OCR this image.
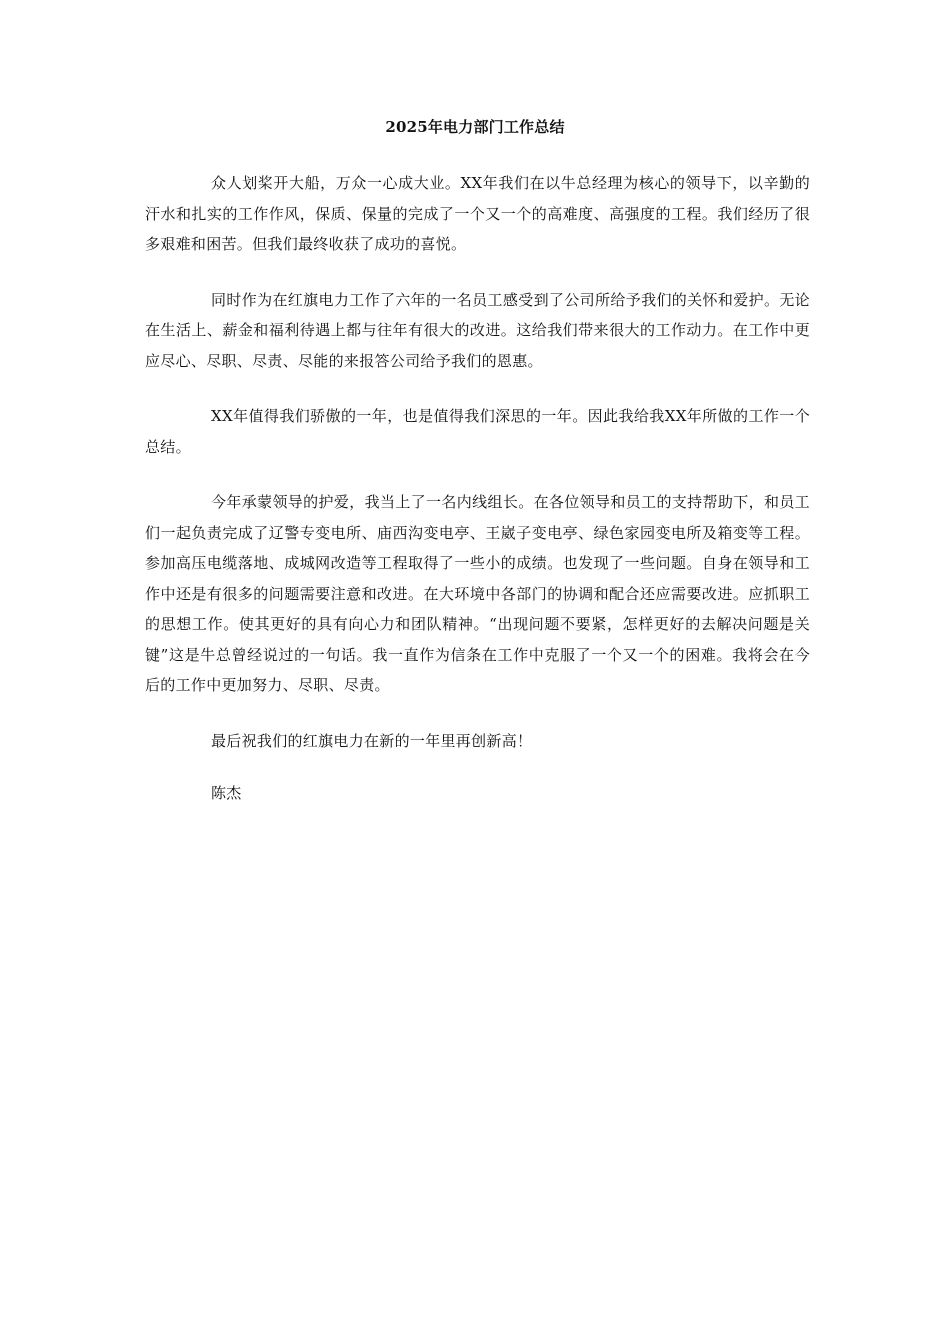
2025年电力部门工作总结

众人划桨开大船，万众一心成大业。XX年我们在以牛总经理为核心的领导下，以辛勤的汗水和扎实的工作作风，保质、保量的完成了一个又一个的高难度、高强度的工程。我们经历了很多艰难和困苦。但我们最终收获了成功的喜悦。

同时作为在红旗电力工作了六年的一名员工感受到了公司所给予我们的关怀和爱护。无论在生活上、薪金和福利待遇上都与往年有很大的改进。这给我们带来很大的工作动力。在工作中更应尽心、尽职、尽责、尽能的来报答公司给予我们的恩惠。

XX年值得我们骄傲的一年，也是值得我们深思的一年。因此我给我XX年所做的工作一个总结。

今年承蒙领导的护爱，我当上了一名内线组长。在各位领导和员工的支持帮助下，和员工们一起负责完成了辽警专变电所、庙西沟变电亭、王崴子变电亭、绿色家园变电所及箱变等工程。参加高压电缆落地、成城网改造等工程取得了一些小的成绩。也发现了一些问题。自身在领导和工作中还是有很多的问题需要注意和改进。在大环境中各部门的协调和配合还应需要改进。应抓职工的思想工作。使其更好的具有向心力和团队精神。“出现问题不要紧，怎样更好的去解决问题是关键”这是牛总曾经说过的一句话。我一直作为信条在工作中克服了一个又一个的困难。我将会在今后的工作中更加努力、尽职、尽责。

最后祝我们的红旗电力在新的一年里再创新高！

陈杰
